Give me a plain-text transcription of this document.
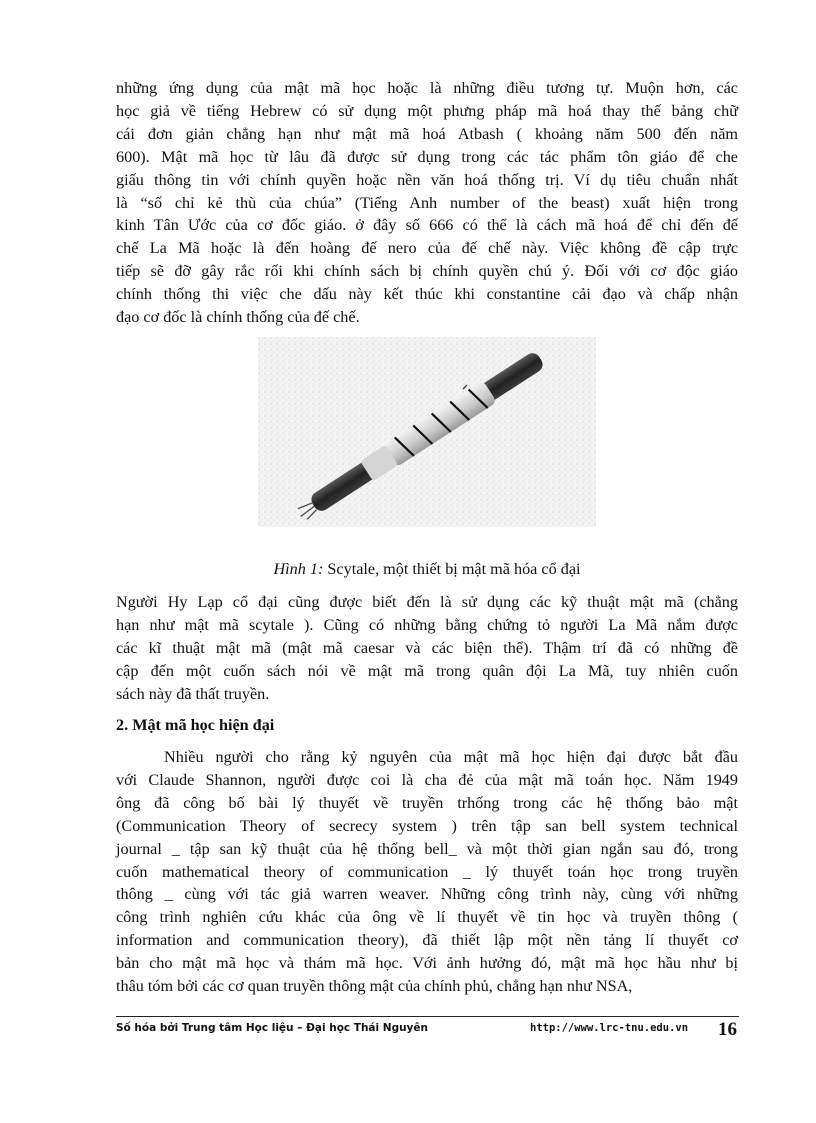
những ứng dụng của mật mã học hoặc là những điều tương tự. Muộn hơn, các
học giả về tiếng Hebrew có sử dụng một phưng pháp mã hoá thay thế bảng chữ
cái đơn giản chẳng hạn như mật mã hoá Atbash ( khoảng năm 500 đến năm
600). Mật mã học từ lâu đã được sử dụng trong các tác phẩm tôn giáo để che
giấu thông tin với chính quyền hoặc nền văn hoá thống trị. Ví dụ tiêu chuẩn nhất
là “số chỉ kẻ thù của chúa” (Tiếng Anh number of the beast) xuất hiện trong
kinh Tân Ước của cơ đốc giáo. ở đây số 666 có thể là cách mã hoá để chỉ đến đế
chế La Mã hoặc là đến hoàng đế nero của đế chế này. Việc không đề cập trực
tiếp sẽ đỡ gây rắc rối khi chính sách bị chính quyền chú ý. Đối với cơ độc giáo
chính thống thi việc che dấu này kết thúc khi constantine cải đạo và chấp nhận
đạo cơ đốc là chính thống của đế chế.
Hình 1: Scytale, một thiết bị mật mã hóa cổ đại
Người Hy Lạp cổ đại cũng được biết đến là sử dụng các kỹ thuật mật mã (chẳng
hạn như mật mã scytale ). Cũng có những bằng chứng tỏ người La Mã nắm được
các kĩ thuật mật mã (mật mã caesar và các biện thể). Thậm trí đã có những đề
cập đến một cuốn sách nói về mật mã trong quân đội La Mã, tuy nhiên cuốn
sách này đã thất truyền.
2. Mật mã học hiện đại
Nhiều người cho rằng kỷ nguyên của mật mã học hiện đại được bắt đầu
với Claude Shannon, người được coi là cha đẻ của mật mã toán học. Năm 1949
ông đã công bố bài lý thuyết về truyền trhống trong các hệ thống bảo mật
(Communication Theory of secrecy system ) trên tập san bell system technical
journal _ tập san kỹ thuật của hệ thống bell_ và một thời gian ngắn sau đó, trong
cuốn mathematical theory of communication _ lý thuyết toán học trong truyền
thông _ cùng với tác giả warren weaver. Những công trình này, cùng với những
công trình nghiên cứu khác của ông về lí thuyết về tin học và truyền thông (
information and communication theory), đã thiết lập một nền tảng lí thuyết cơ
bản cho mật mã học và thám mã học. Với ảnh hưởng đó, mật mã học hầu như bị
thâu tóm bởi các cơ quan truyền thông mật của chính phủ, chẳng hạn như NSA,
Số hóa bởi Trung tâm Học liệu – Đại học Thái Nguyên	http://www.lrc-tnu.edu.vn 16
